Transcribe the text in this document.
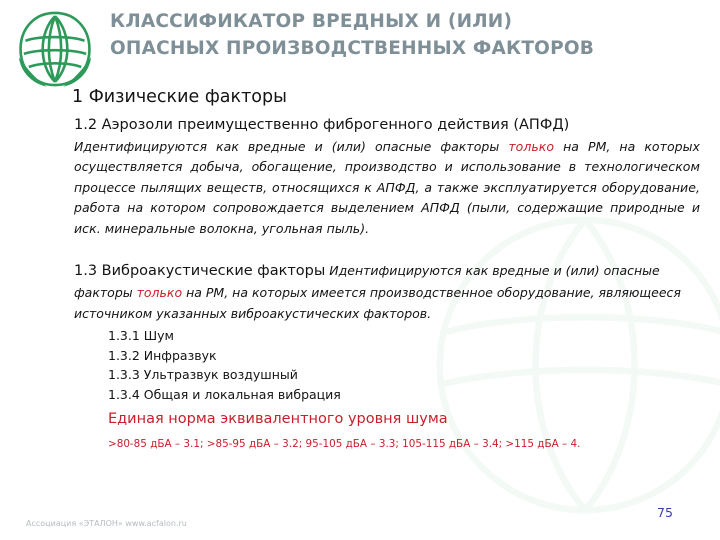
КЛАССИФИКАТОР ВРЕДНЫХ И (ИЛИ)
ОПАСНЫХ ПРОИЗВОДСТВЕННЫХ ФАКТОРОВ
1 Физические факторы
1.2 Аэрозоли преимущественно фиброгенного действия (АПФД)

Идентифицируются как вредные и (или) опасные факторы только на РМ, на которых осуществляется добыча, обогащение, производство и использование в технологическом процессе пылящих веществ, относящихся к АПФД, а также эксплуатируется оборудование, работа на котором сопровождается выделением АПФД (пыли, содержащие природные и иск. минеральные волокна, угольная пыль).

1.3 Виброакустические факторы Идентифицируются как вредные и (или) опасные факторы только на РМ, на которых имеется производственное оборудование, являющееся источником указанных виброакустических факторов.

1.3.1 Шум
1.3.2 Инфразвук
1.3.3 Ультразвук воздушный
1.3.4 Общая и локальная вибрация
Единая норма эквивалентного уровня шума
>80-85 дБА – 3.1; >85-95 дБА – 3.2; 95-105 дБА – 3.3; 105-115 дБА – 3.4; >115 дБА – 4.
Ассоциация «ЭТАЛОН» www.acfalon.ru
75
